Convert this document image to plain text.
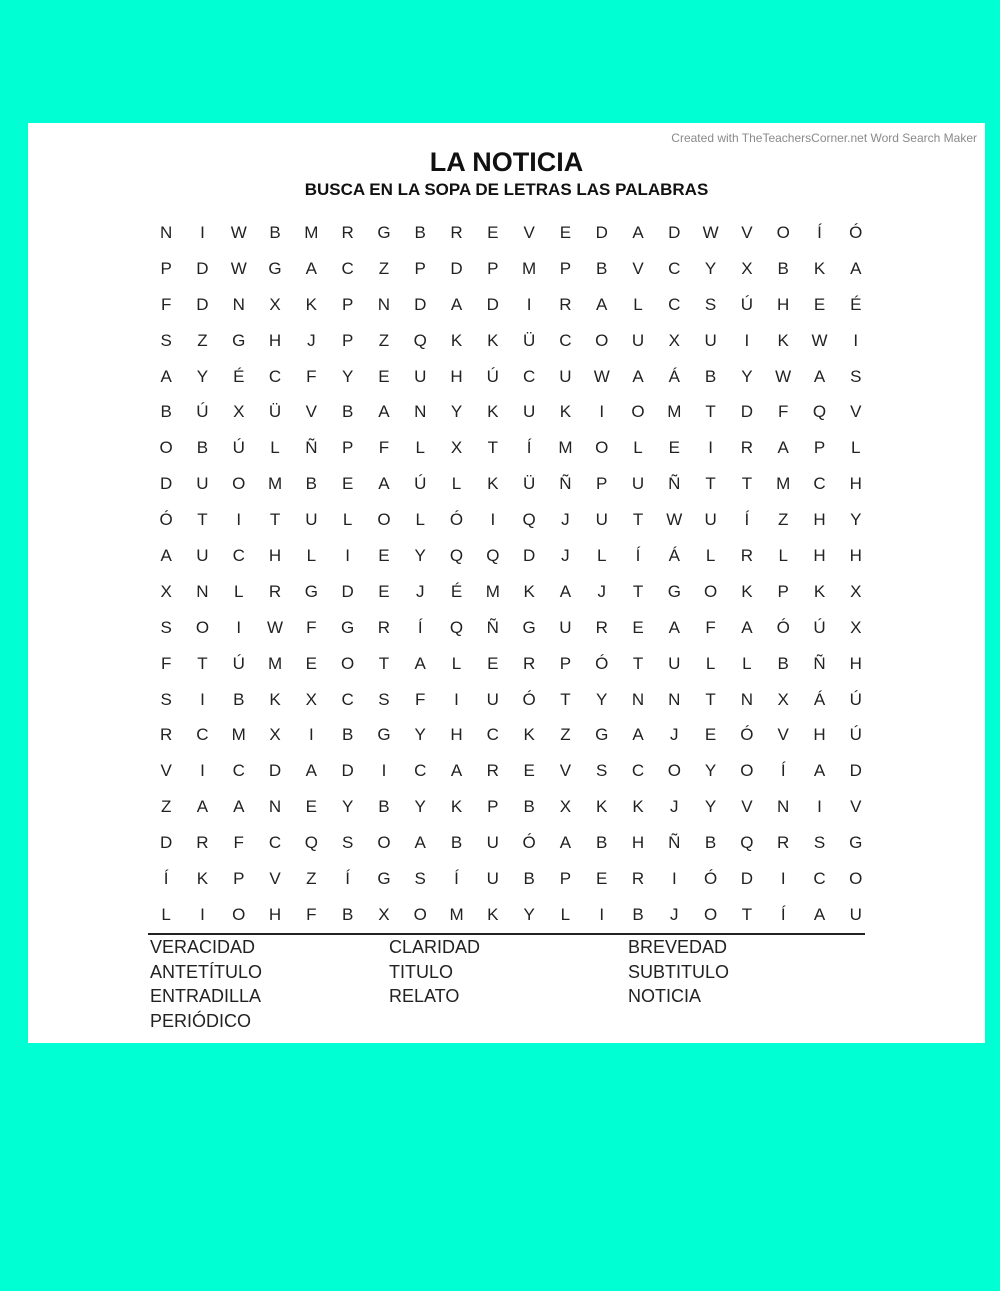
Created with TheTeachersCorner.net Word Search Maker
LA NOTICIA
BUSCA EN LA SOPA DE LETRAS LAS PALABRAS
N	I	W	B	M	R	G	B	R	E	V	E	D	A	D	W	V	O	Í	Ó
P	D	W	G	A	C	Z	P	D	P	M	P	B	V	C	Y	X	B	K	A
F	D	N	X	K	P	N	D	A	D	I	R	A	L	C	S	Ú	H	E	É
S	Z	G	H	J	P	Z	Q	K	K	Ü	C	O	U	X	U	I	K	W	I
A	Y	É	C	F	Y	E	U	H	Ú	C	U	W	A	Á	B	Y	W	A	S
B	Ú	X	Ü	V	B	A	N	Y	K	U	K	I	O	M	T	D	F	Q	V
O	B	Ú	L	Ñ	P	F	L	X	T	Í	M	O	L	E	I	R	A	P	L
D	U	O	M	B	E	A	Ú	L	K	Ü	Ñ	P	U	Ñ	T	T	M	C	H
Ó	T	I	T	U	L	O	L	Ó	I	Q	J	U	T	W	U	Í	Z	H	Y
A	U	C	H	L	I	E	Y	Q	Q	D	J	L	Í	Á	L	R	L	H	H
X	N	L	R	G	D	E	J	É	M	K	A	J	T	G	O	K	P	K	X
S	O	I	W	F	G	R	Í	Q	Ñ	G	U	R	E	A	F	A	Ó	Ú	X
F	T	Ú	M	E	O	T	A	L	E	R	P	Ó	T	U	L	L	B	Ñ	H
S	I	B	K	X	C	S	F	I	U	Ó	T	Y	N	N	T	N	X	Á	Ú
R	C	M	X	I	B	G	Y	H	C	K	Z	G	A	J	E	Ó	V	H	Ú
V	I	C	D	A	D	I	C	A	R	E	V	S	C	O	Y	O	Í	A	D
Z	A	A	N	E	Y	B	Y	K	P	B	X	K	K	J	Y	V	N	I	V
D	R	F	C	Q	S	O	A	B	U	Ó	A	B	H	Ñ	B	Q	R	S	G
Í	K	P	V	Z	Í	G	S	Í	U	B	P	E	R	I	Ó	D	I	C	O
L	I	O	H	F	B	X	O	M	K	Y	L	I	B	J	O	T	Í	A	U
VERACIDAD	CLARIDAD	BREVEDAD
ANTETÍTULO	TITULO	SUBTITULO
ENTRADILLA	RELATO	NOTICIA
PERIÓDICO
